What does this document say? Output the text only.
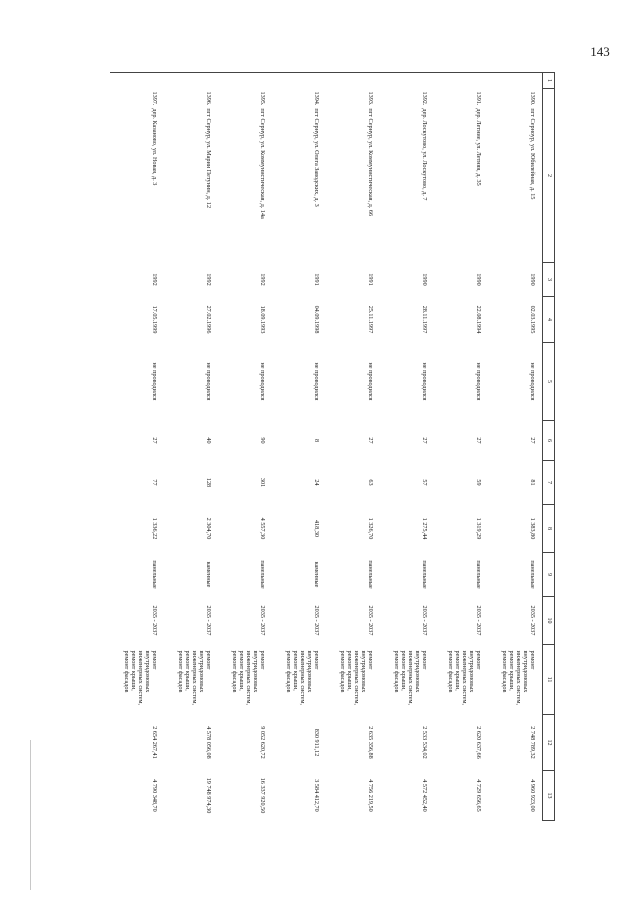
143
1	2	3	4	5	6	7	8	9	10	11	12	13
	1390.пгт Серноур, ул. Юбилейная, д. 15	1990	02.03.1995	не проводился	27	81	1 383,80	панельные	2035 - 2037	ремонт
внутридомовых
инженерных систем,
ремонт крыши,
ремонт фасадов	2 748 789,32	4 960 923,00
	1391.дер. Летние, ул. Летняя, д. 35	1990	22.08.1994	не проводился	27	59	1 319,29	панельные	2035 - 2037	ремонт
внутридомовых
инженерных систем,
ремонт крыши,
ремонт фасадов	2 620 637,66	4 729 656,65
	1392.дер. Лоскутово, ул. Лоскутово, д. 7	1990	28.11.1997	не проводился	27	57	1 275,44	панельные	2035 - 2037	ремонт
внутридомовых
инженерных систем,
ремонт крыши,
ремонт фасадов	2 533 534,02	4 572 452,40
	1393.пгт Сернур, ул. Коммунистическая, д. 66	1991	25.11.1997	не проводился	27	63	1 326,70	панельные	2035 - 2037	ремонт
внутридомовых
инженерных систем,
ремонт крыши,
ремонт фасадов	2 635 356,88	4 756 219,50
	1394.пгт Сернур, ул. Олега Заводских, д. 3	1991	04.09.1998	не проводился	8	24	418,30	каменные	2035 - 2037	ремонт
внутридомовых
инженерных систем,
ремонт крыши,
ремонт фасадов	830 911,12	3 584 412,70
	1395.пгт Сернур, ул. Коммунистическая, д. 14а	1992	18.09.1993	не проводился	90	301	4 557,30	панельные	2035 - 2037	ремонт
внутридомовых
инженерных систем,
ремонт крыши,
ремонт фасадов	9 052 620,72	16 337 920,50
	1396.пгт Сернур, ул. Марии Петунин, д. 12	1992	27.02.1996	не проводился	40	128	2 304,70	каменные	2035 - 2037	ремонт
внутридомовых
инженерных систем,
ремонт крыши,
ремонт фасадов	4 578 056,08	19 748 974,30
	1397.дер. Казаново, ул. Новая, д. 3	1992	17.05.1999	не проводился	27	77	1 336,22	панельные	2035 - 2037	ремонт
внутридомовых
инженерных систем,
ремонт крыши,
ремонт фасадов	2 654 267,41	4 790 348,70
